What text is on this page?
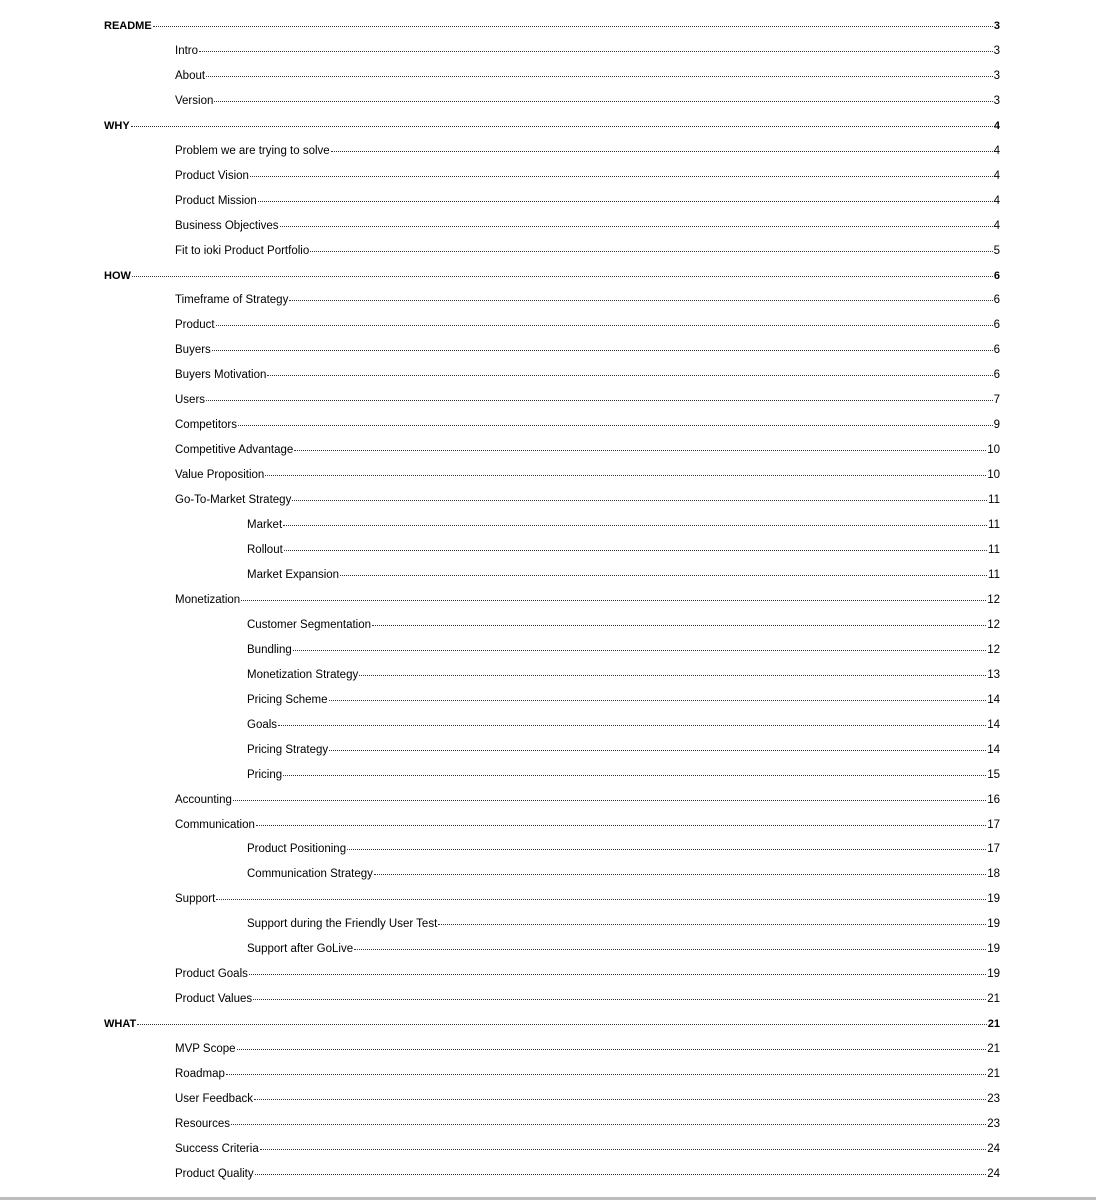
README	3
Intro	3
About	3
Version	3
WHY	4
Problem we are trying to solve	4
Product Vision	4
Product Mission	4
Business Objectives	4
Fit to ioki Product Portfolio	5
HOW	6
Timeframe of Strategy	6
Product	6
Buyers	6
Buyers Motivation	6
Users	7
Competitors	9
Competitive Advantage	10
Value Proposition	10
Go-To-Market Strategy	11
Market	11
Rollout	11
Market Expansion	11
Monetization	12
Customer Segmentation	12
Bundling	12
Monetization Strategy	13
Pricing Scheme	14
Goals	14
Pricing Strategy	14
Pricing	15
Accounting	16
Communication	17
Product Positioning	17
Communication Strategy	18
Support	19
Support during the Friendly User Test	19
Support after GoLive	19
Product Goals	19
Product Values	21
WHAT	21
MVP Scope	21
Roadmap	21
User Feedback	23
Resources	23
Success Criteria	24
Product Quality	24
